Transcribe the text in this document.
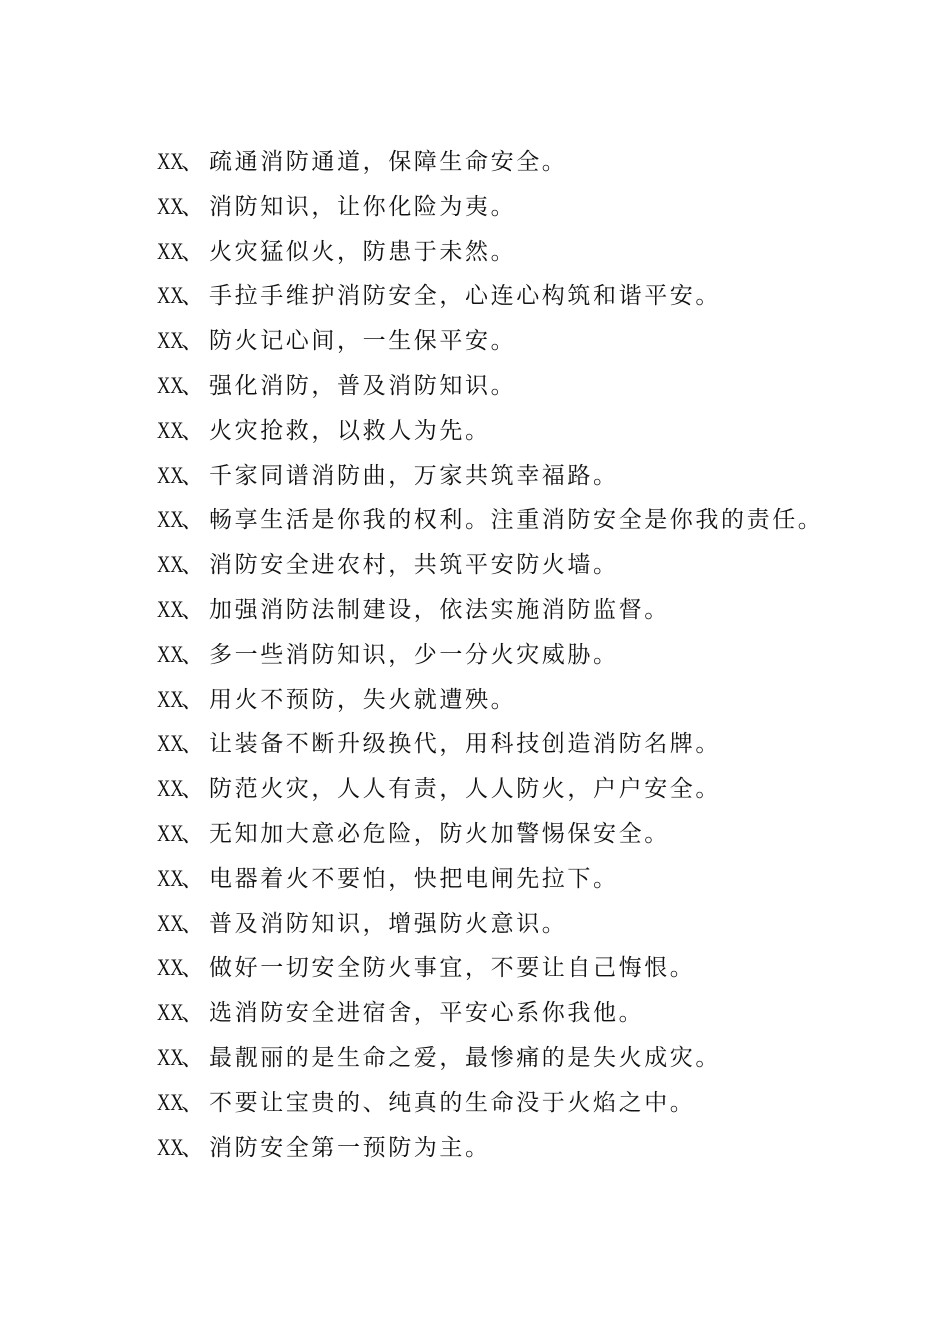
XX、 疏通消防通道，保障生命安全。
XX、 消防知识，让你化险为夷。
XX、 火灾猛似火，防患于未然。
XX、 手拉手维护消防安全，心连心构筑和谐平安。
XX、 防火记心间，一生保平安。
XX、 强化消防，普及消防知识。
XX、 火灾抢救，以救人为先。
XX、 千家同谱消防曲，万家共筑幸福路。
XX、 畅享生活是你我的权利。注重消防安全是你我的责任。
XX、 消防安全进农村，共筑平安防火墙。
XX、 加强消防法制建设，依法实施消防监督。
XX、 多一些消防知识，少一分火灾威胁。
XX、 用火不预防，失火就遭殃。
XX、 让装备不断升级换代，用科技创造消防名牌。
XX、 防范火灾，人人有责，人人防火，户户安全。
XX、 无知加大意必危险，防火加警惕保安全。
XX、 电器着火不要怕，快把电闸先拉下。
XX、 普及消防知识，增强防火意识。
XX、 做好一切安全防火事宜，不要让自己悔恨。
XX、 选消防安全进宿舍，平安心系你我他。
XX、 最靓丽的是生命之爱，最惨痛的是失火成灾。
XX、 不要让宝贵的、纯真的生命没于火焰之中。
XX、 消防安全第一预防为主。
